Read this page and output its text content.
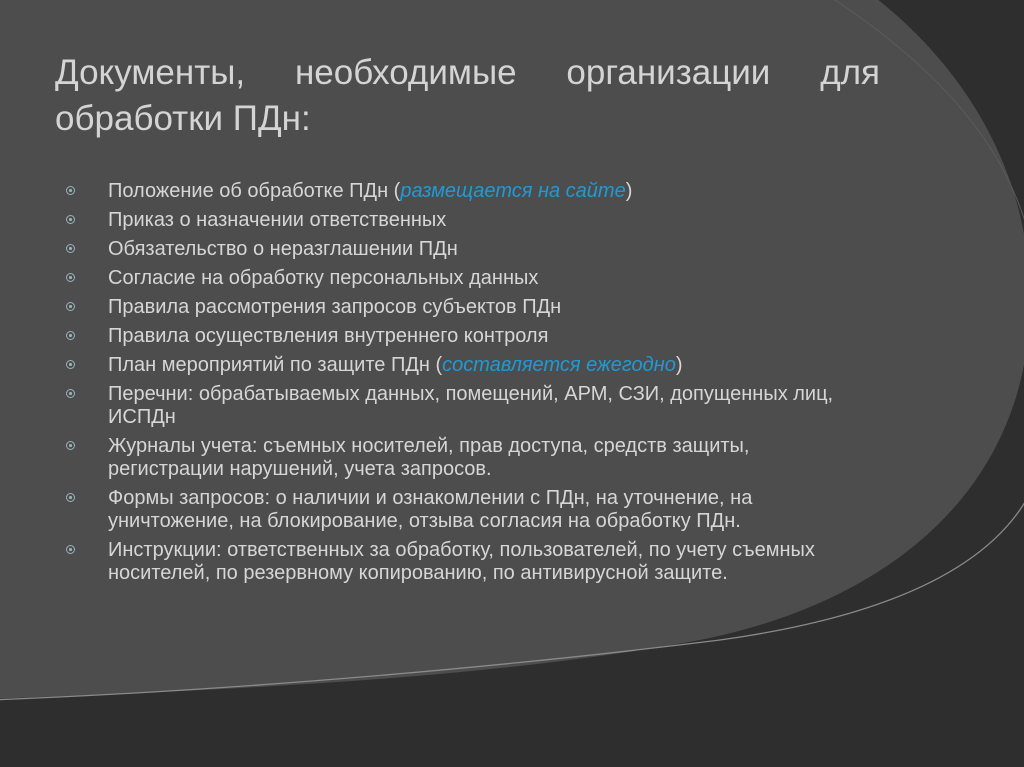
Документы, необходимые организации для обработки ПДн:
Положение об обработке ПДн (размещается на сайте)
Приказ о назначении ответственных
Обязательство о неразглашении ПДн
Согласие на обработку персональных данных
Правила рассмотрения запросов субъектов ПДн
Правила осуществления внутреннего контроля
План мероприятий по защите ПДн (составляется ежегодно)
Перечни: обрабатываемых данных, помещений, АРМ, СЗИ, допущенных лиц, ИСПДн
Журналы учета: съемных носителей, прав доступа, средств защиты, регистрации нарушений, учета запросов.
Формы запросов: о наличии и ознакомлении с ПДн, на уточнение, на уничтожение, на блокирование, отзыва согласия на обработку ПДн.
Инструкции: ответственных за обработку, пользователей, по учету съемных носителей, по резервному копированию, по антивирусной защите.
